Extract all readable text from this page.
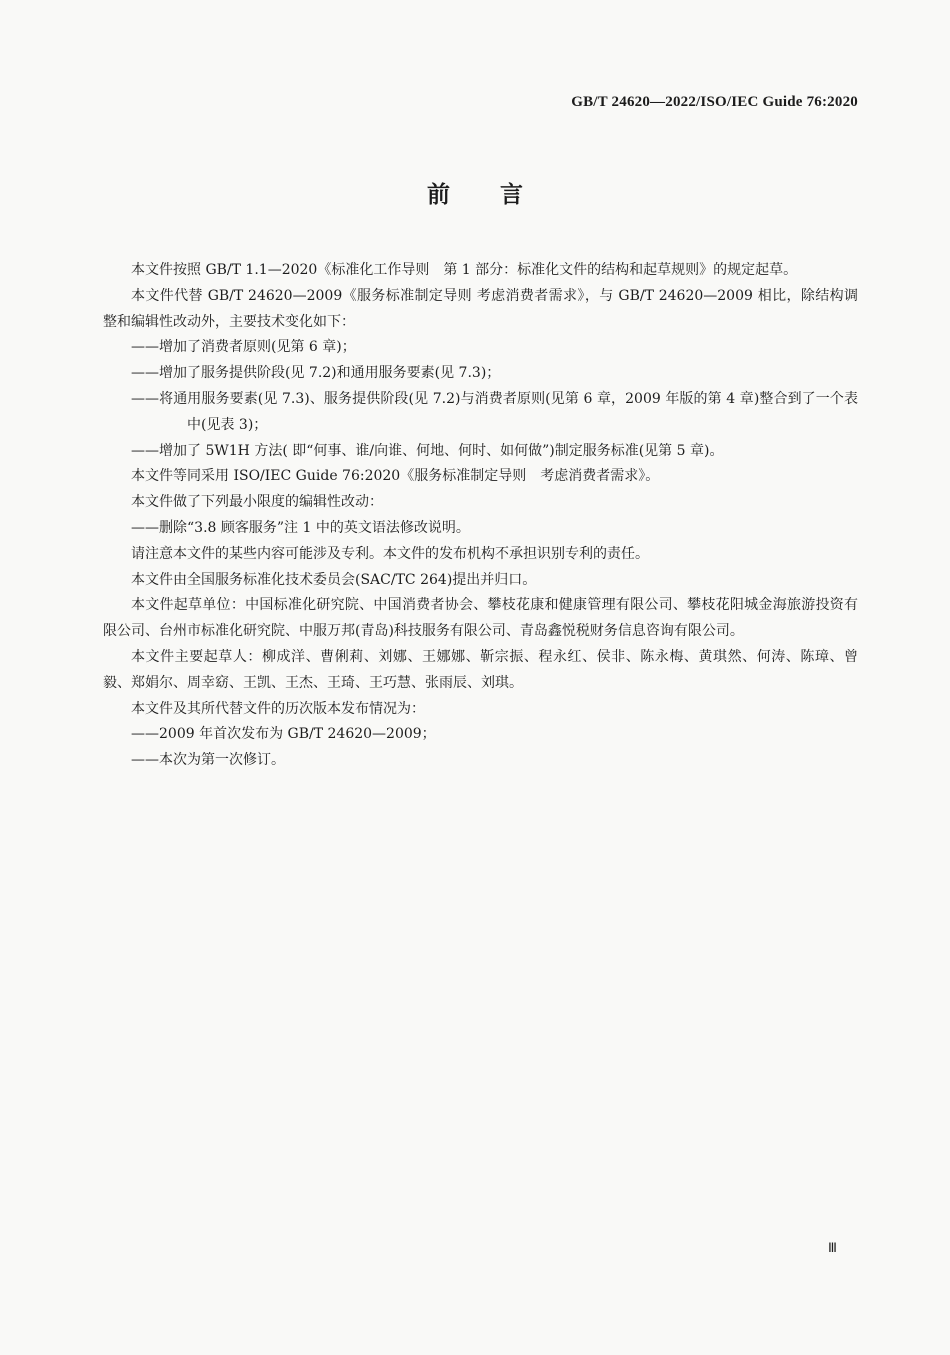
GB/T 24620—2022/ISO/IEC Guide 76:2020
前言

本文件按照 GB/T 1.1—2020《标准化工作导则　第 1 部分：标准化文件的结构和起草规则》的规定起草。

本文件代替 GB/T 24620—2009《服务标准制定导则 考虑消费者需求》，与 GB/T 24620—2009 相比，除结构调整和编辑性改动外，主要技术变化如下：

——增加了消费者原则(见第 6 章)；

——增加了服务提供阶段(见 7.2)和通用服务要素(见 7.3)；

——将通用服务要素(见 7.3)、服务提供阶段(见 7.2)与消费者原则(见第 6 章，2009 年版的第 4 章)整合到了一个表中(见表 3)；

——增加了 5W1H 方法( 即“何事、谁/向谁、何地、何时、如何做”)制定服务标准(见第 5 章)。

本文件等同采用 ISO/IEC Guide 76:2020《服务标准制定导则　考虑消费者需求》。

本文件做了下列最小限度的编辑性改动：

——删除“3.8 顾客服务”注 1 中的英文语法修改说明。

请注意本文件的某些内容可能涉及专利。本文件的发布机构不承担识别专利的责任。

本文件由全国服务标准化技术委员会(SAC/TC 264)提出并归口。

本文件起草单位：中国标准化研究院、中国消费者协会、攀枝花康和健康管理有限公司、攀枝花阳城金海旅游投资有限公司、台州市标准化研究院、中服万邦(青岛)科技服务有限公司、青岛鑫悦税财务信息咨询有限公司。

本文件主要起草人：柳成洋、曹俐莉、刘娜、王娜娜、靳宗振、程永红、侯非、陈永梅、黄琪然、何涛、陈璋、曾毅、郑娟尔、周幸窈、王凯、王杰、王琦、王巧慧、张雨辰、刘琪。

本文件及其所代替文件的历次版本发布情况为：

——2009 年首次发布为 GB/T 24620—2009；

——本次为第一次修订。

Ⅲ
